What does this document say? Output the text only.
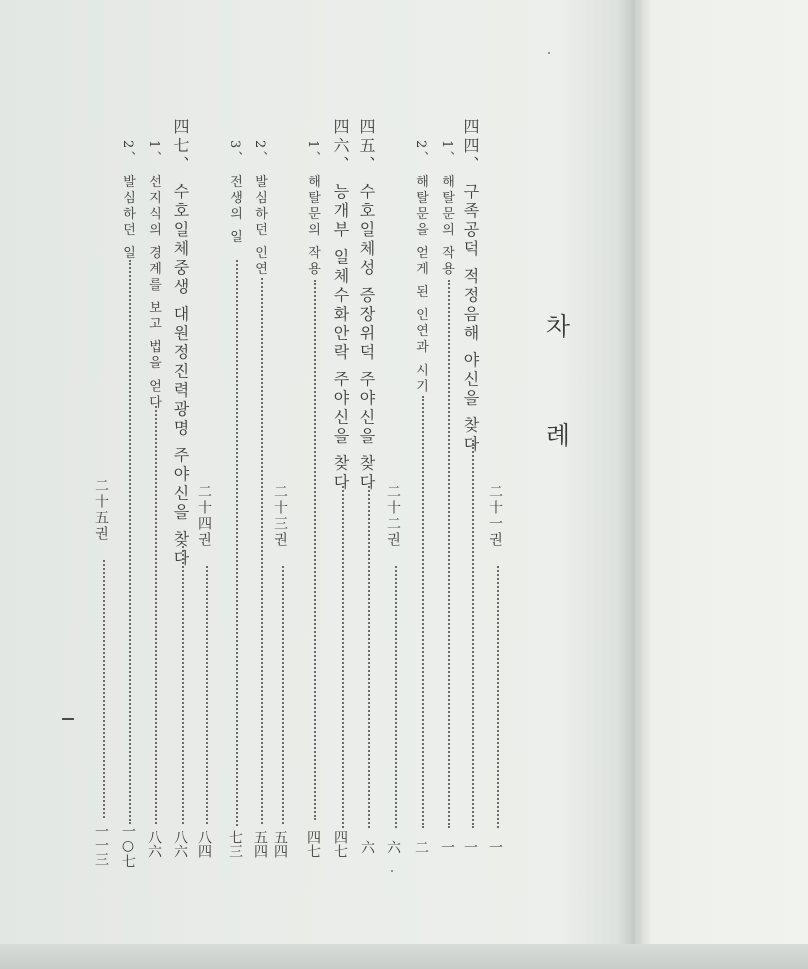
차
례
二十一권
一
四四、 구족공덕 적정음해 야신을 찾다
一
1、 해탈문의 작용
一
2、 해탈문을 얻게 된 인연과 시기
二
二十二권
六
四五、 수호일체성 증장위덕 주야신을 찾다
六
四六、 능개부 일체수화안락 주야신을 찾다
四七
1、 해탈문의 작용
四七
二十三권
五四
2、 발심하던 인연
五四
3、 전생의 일
七三
二十四권
八四
四七、 수호일체중생 대원정진력광명 주야신을 찾다
八六
1、 선지식의 경계를 보고 법을 얻다
八六
2、 발심하던 일
一○七
二十五권
一一三
